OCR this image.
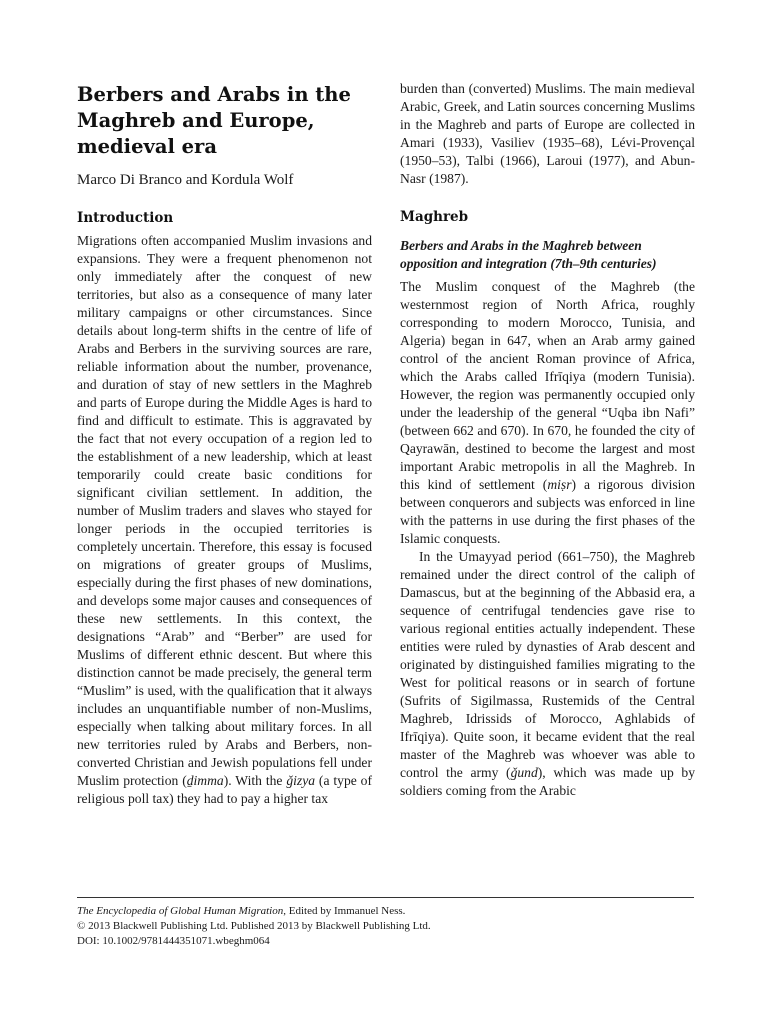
Berbers and Arabs in the Maghreb and Europe, medieval era

Marco Di Branco and Kordula Wolf

Introduction

Migrations often accompanied Muslim invasions and expansions. They were a frequent phenomenon not only immediately after the conquest of new territories, but also as a consequence of many later military campaigns or other circumstances. Since details about long-term shifts in the centre of life of Arabs and Berbers in the surviving sources are rare, reliable information about the number, provenance, and duration of stay of new settlers in the Maghreb and parts of Europe during the Middle Ages is hard to find and difficult to estimate. This is aggravated by the fact that not every occupation of a region led to the establishment of a new leadership, which at least temporarily could create basic conditions for significant civilian settlement. In addition, the number of Muslim traders and slaves who stayed for longer periods in the occupied territories is completely uncertain. Therefore, this essay is focused on migrations of greater groups of Muslims, especially during the first phases of new dominations, and develops some major causes and consequences of these new settlements. In this context, the designations “Arab” and “Berber” are used for Muslims of different ethnic descent. But where this distinction cannot be made precisely, the general term “Muslim” is used, with the qualification that it always includes an unquantifiable number of non-Muslims, especially when talking about military forces. In all new territories ruled by Arabs and Berbers, non-converted Christian and Jewish populations fell under Muslim protection (ḏimma). With the ǧizya (a type of religious poll tax) they had to pay a higher tax

burden than (converted) Muslims. The main medieval Arabic, Greek, and Latin sources concerning Muslims in the Maghreb and parts of Europe are collected in Amari (1933), Vasiliev (1935–68), Lévi-Provençal (1950–53), Talbi (1966), Laroui (1977), and Abun-Nasr (1987).

Maghreb
Berbers and Arabs in the Maghreb between opposition and integration (7th–9th centuries)

The Muslim conquest of the Maghreb (the westernmost region of North Africa, roughly corresponding to modern Morocco, Tunisia, and Algeria) began in 647, when an Arab army gained control of the ancient Roman province of Africa, which the Arabs called Ifrīqiya (modern Tunisia). However, the region was permanently occupied only under the leadership of the general “Uqba ibn Nafi” (between 662 and 670). In 670, he founded the city of Qayrawān, destined to become the largest and most important Arabic metropolis in all the Maghreb. In this kind of settlement (miṣr) a rigorous division between conquerors and subjects was enforced in line with the patterns in use during the first phases of the Islamic conquests.

In the Umayyad period (661–750), the Maghreb remained under the direct control of the caliph of Damascus, but at the beginning of the Abbasid era, a sequence of centrifugal tendencies gave rise to various regional entities actually independent. These entities were ruled by dynasties of Arab descent and originated by distinguished families migrating to the West for political reasons or in search of fortune (Sufrits of Sigilmassa, Rustemids of the Central Maghreb, Idrissids of Morocco, Aghlabids of Ifrīqiya). Quite soon, it became evident that the real master of the Maghreb was whoever was able to control the army (ǧund), which was made up by soldiers coming from the Arabic

The Encyclopedia of Global Human Migration, Edited by Immanuel Ness.
© 2013 Blackwell Publishing Ltd. Published 2013 by Blackwell Publishing Ltd.
DOI: 10.1002/9781444351071.wbeghm064
